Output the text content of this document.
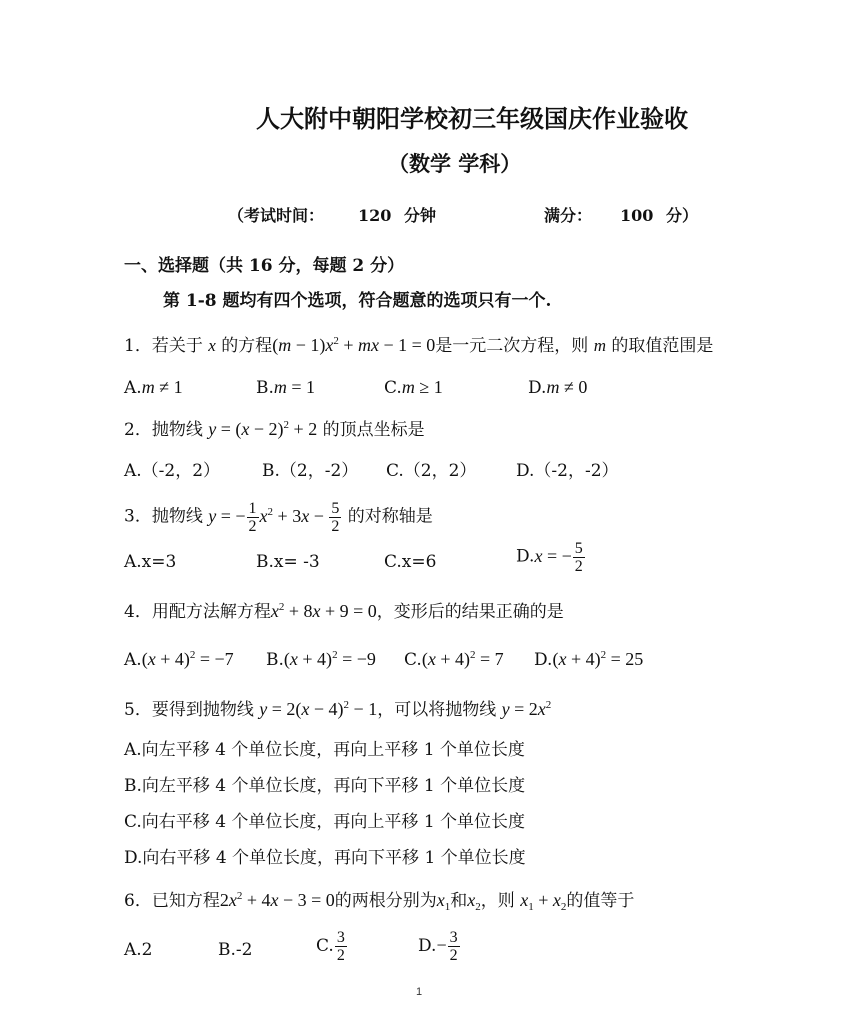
人大附中朝阳学校初三年级国庆作业验收
（数学 学科）
（考试时间： 120 分钟	满分： 100 分）
一、选择题（共 16 分，每题 2 分）
第 1-8 题均有四个选项，符合题意的选项只有一个.
1．若关于 x 的方程$(m - 1)x^2$ + mx − 1 = 0是一元二次方程，则 m 的取值范围是
A.m ≠ 1	B.m = 1	C.m ≥ 1	D.m ≠ 0
2．抛物线 $y = (x - 2)^2 + 2$ 的顶点坐标是
A.（-2，2） B.（2，-2） C.（2，2） D.（-2，-2）
3．抛物线 y = − $\frac{1}{2} x^2 + 3x - \frac{5}{2}$ 的对称轴是
A.x=3	B.x= -3	C.x=6	D.x = − $\frac{5}{2}$
4．用配方法解方程$x^2 + 8x + 9 = 0$，变形后的结果正确的是
$A.(x + 4)^2 = -7$ $B.(x + 4)^2 = -9$ $C.(x + 4)^2 = 7$ $D.(x + 4)^2 = 25$
5．要得到抛物线 $y = 2(x - 4)^2 - 1$，可以将抛物线 $y = 2x^2$
A.向左平移 4 个单位长度，再向上平移 1 个单位长度
B.向左平移 4 个单位长度，再向下平移 1 个单位长度
C.向右平移 4 个单位长度，再向上平移 1 个单位长度
D.向右平移 4 个单位长度，再向下平移 1 个单位长度
6．已知方程$2x^2 + 4x - 3 = 0$的两根分别为$x_1$和$x_2$，则 $x_1 + x_2$的值等于
A.2	B.-2	C. $\frac{3}{2}$	$D.- \frac{3}{2}$
1
